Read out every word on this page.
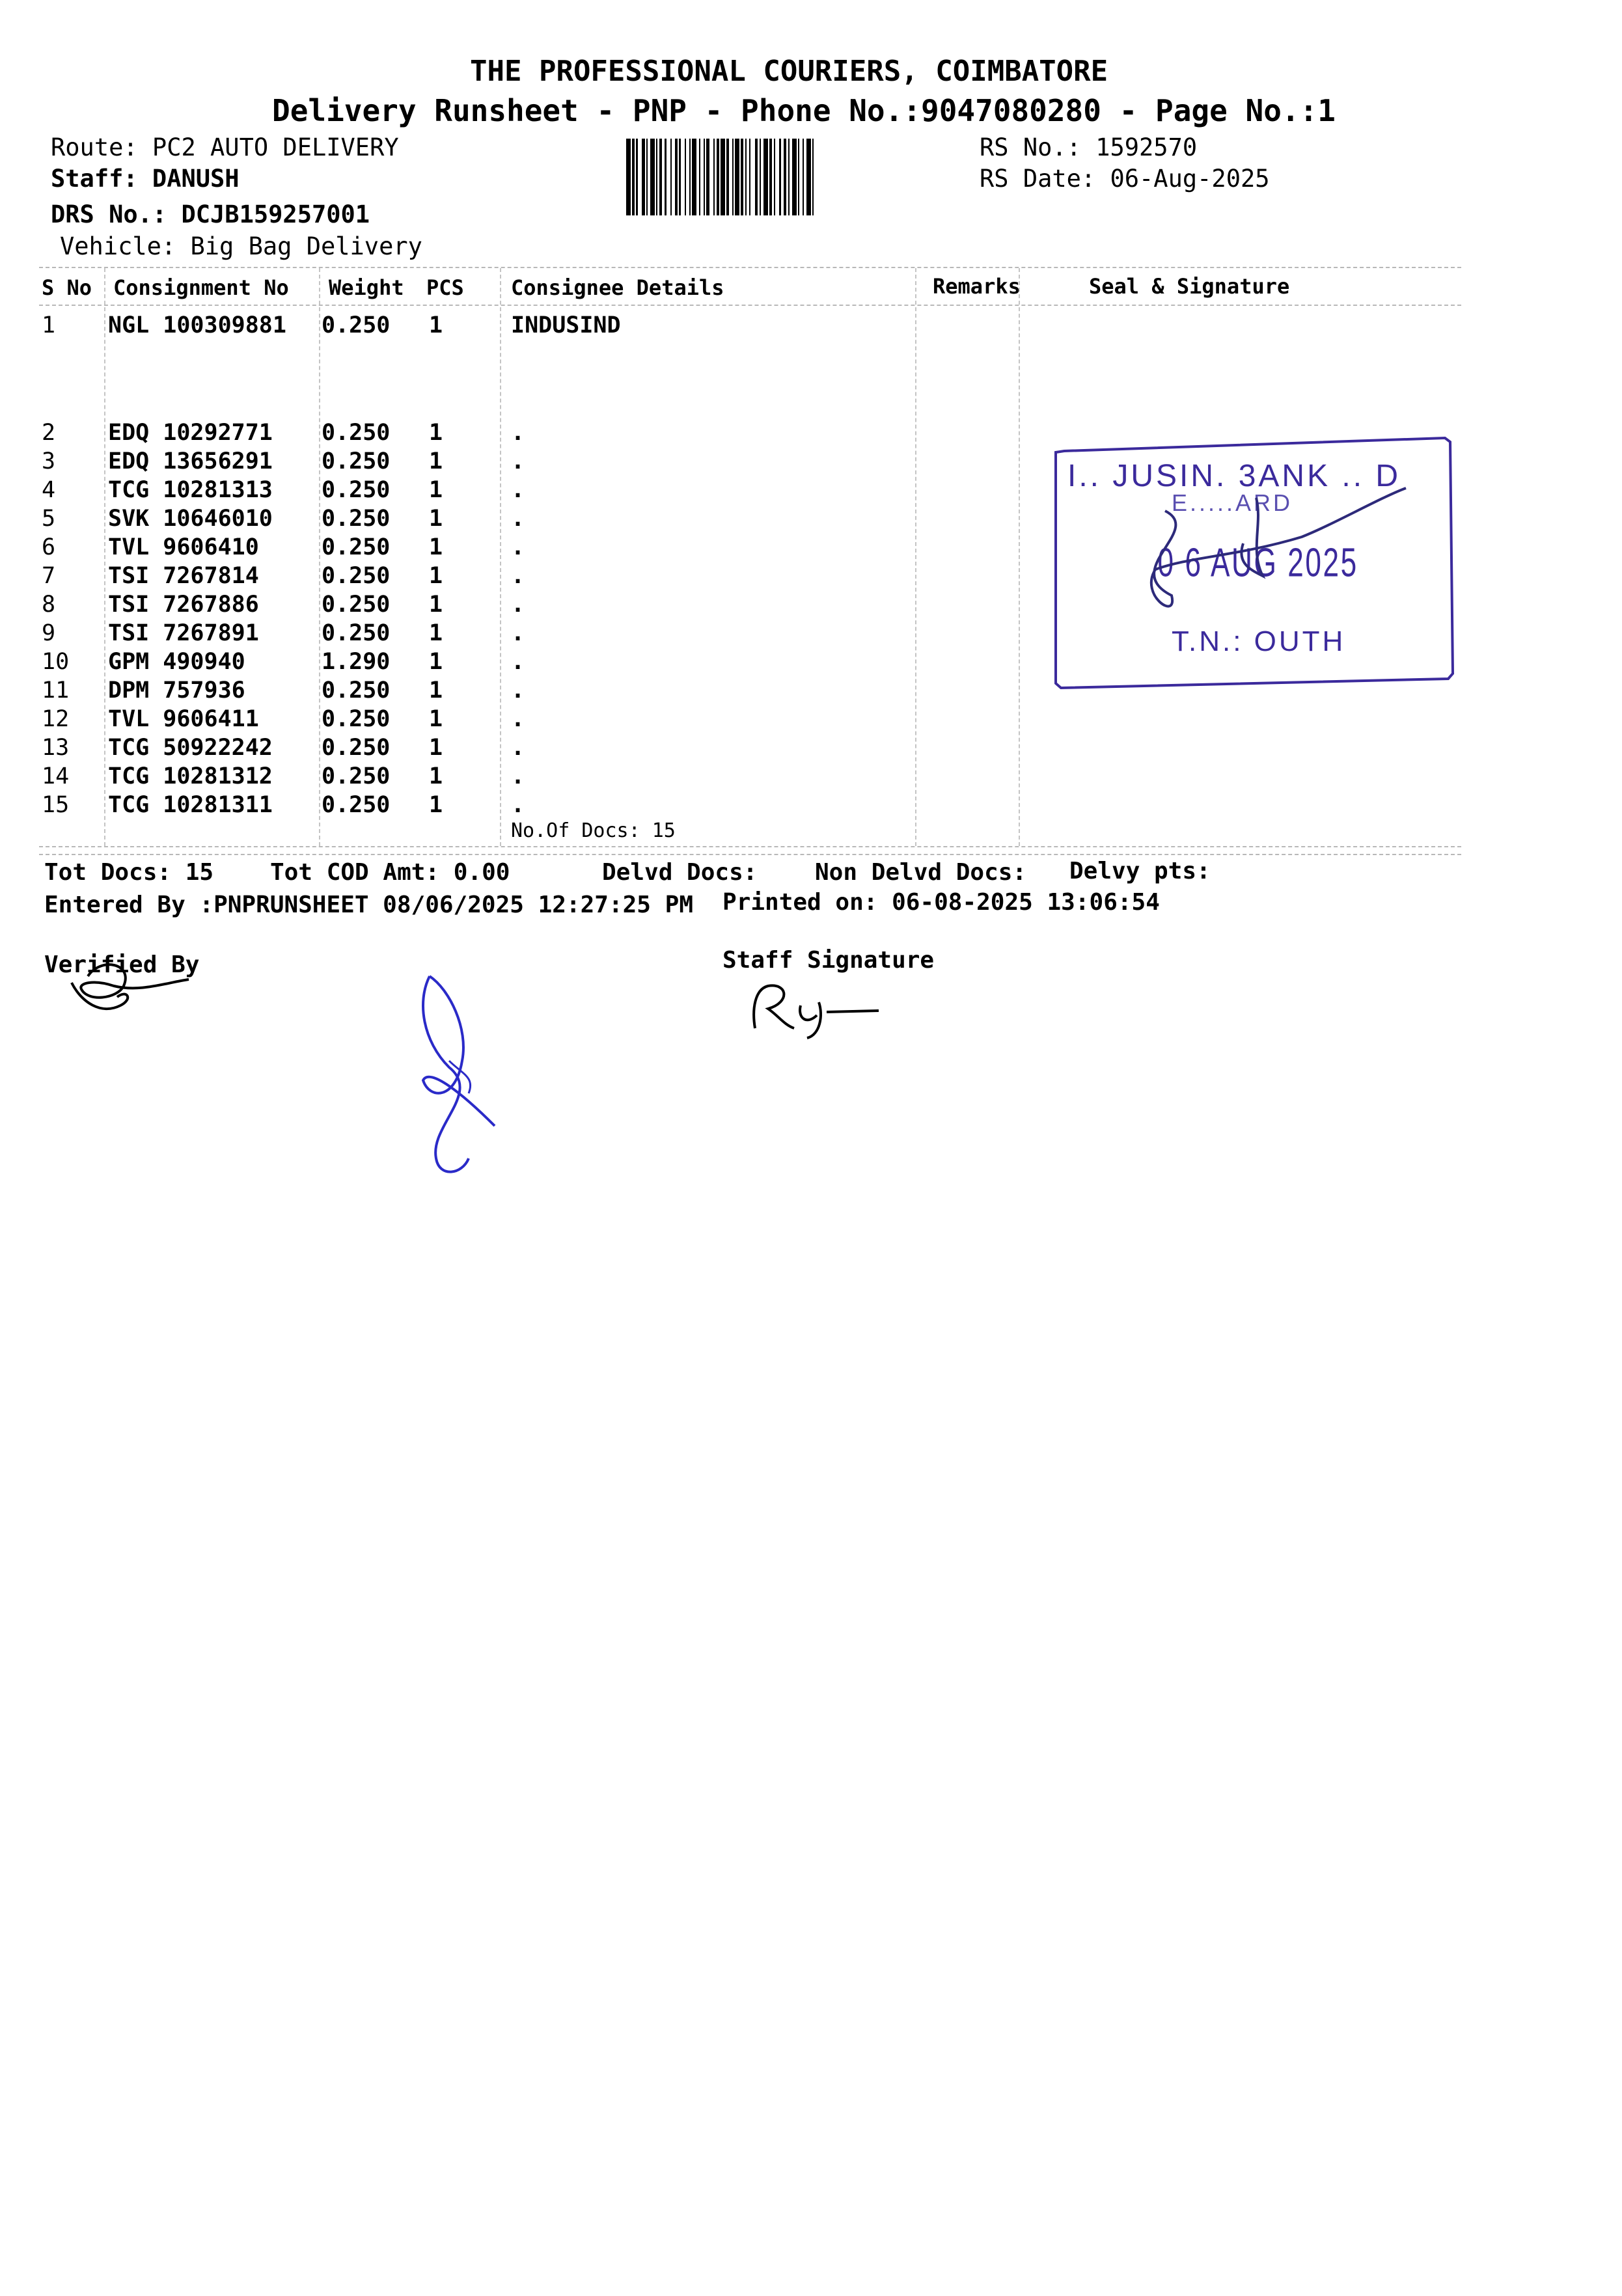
THE PROFESSIONAL COURIERS, COIMBATORE
Delivery Runsheet - PNP - Phone No.:9047080280 - Page No.:1
Route: PC2 AUTO DELIVERY
Staff: DANUSH
DRS No.: DCJB159257001
Vehicle: Big Bag Delivery
RS No.: 1592570
RS Date: 06-Aug-2025
S No Consignment No Weight PCS Consignee Details	Remarks	Seal & Signature
1 NGL 100309881 0.250 1	INDUSIND
2 EDQ 10292771 0.250 1	.
3 EDQ 13656291 0.250 1	.
4 TCG 10281313 0.250 1	.
5 SVK 10646010 0.250 1	.
6 TVL 9606410	0.250 1	.
7 TSI 7267814	0.250 1	.
8 TSI 7267886	0.250 1	.
9 TSI 7267891	0.250 1	.
10 GPM 490940	1.290 1	.
11 DPM 757936	0.250 1	.
12 TVL 9606411	0.250 1	.
13 TCG 50922242 0.250 1	.
14 TCG 10281312 0.250 1	.
15 TCG 10281311 0.250 1	.
No.Of Docs: 15
I.. JUSIN. 3ANK .. D
E.....ARD
0 6 AUG 2025
T.N.: OUTH
Tot Docs: 15 Tot COD Amt: 0.00	Delvd Docs: Non Delvd Docs: Delvy pts:
Entered By :PNPRUNSHEET 08/06/2025 12:27:25 PM Printed on: 06-08-2025 13:06:54
Verified By	Staff Signature
